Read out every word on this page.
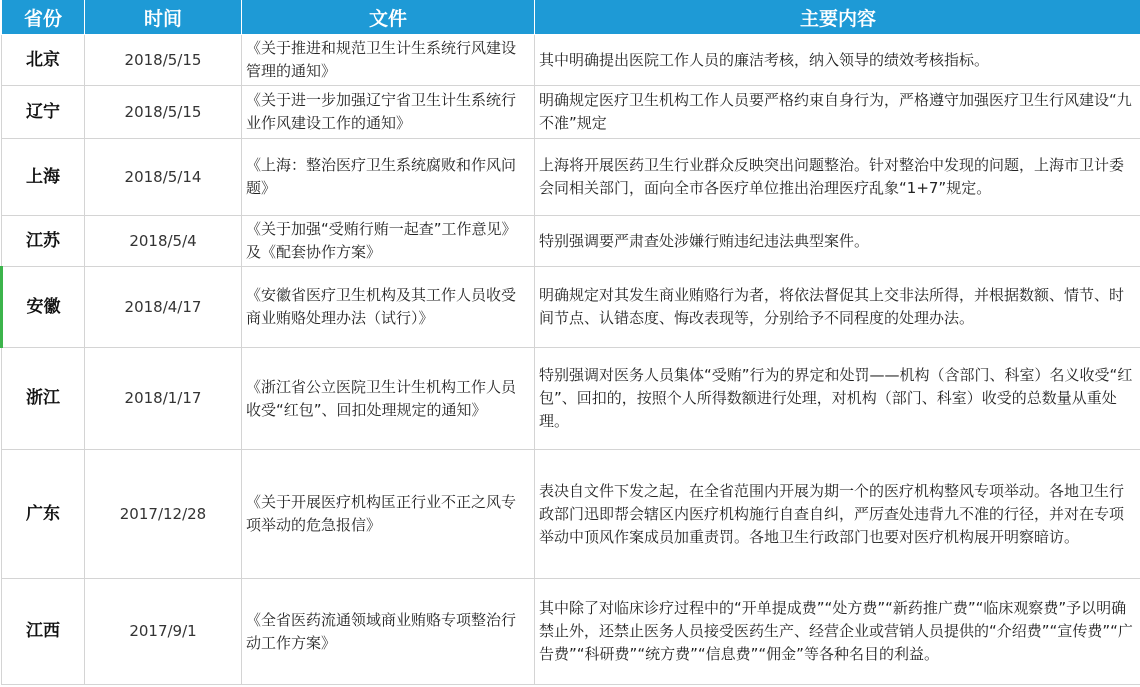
省份	时间	文件	主要内容
北京	2018/5/15	《关于推进和规范卫生计生系统行风建设管理的通知》	其中明确提出医院工作人员的廉洁考核，纳入领导的绩效考核指标。
辽宁	2018/5/15	《关于进一步加强辽宁省卫生计生系统行业作风建设工作的通知》	明确规定医疗卫生机构工作人员要严格约束自身行为，严格遵守加强医疗卫生行风建设“九不准”规定
上海	2018/5/14	《上海：整治医疗卫生系统腐败和作风问题》	上海将开展医药卫生行业群众反映突出问题整治。针对整治中发现的问题，上海市卫计委会同相关部门，面向全市各医疗单位推出治理医疗乱象“1+7”规定。
江苏	2018/5/4	《关于加强“受贿行贿一起查”工作意见》及《配套协作方案》	特别强调要严肃查处涉嫌行贿违纪违法典型案件。
安徽	2018/4/17	《安徽省医疗卫生机构及其工作人员收受商业贿赂处理办法（试行）》	明确规定对其发生商业贿赂行为者，将依法督促其上交非法所得，并根据数额、情节、时间节点、认错态度、悔改表现等，分别给予不同程度的处理办法。
浙江	2018/1/17	《浙江省公立医院卫生计生机构工作人员收受“红包”、回扣处理规定的通知》	特别强调对医务人员集体“受贿”行为的界定和处罚——机构（含部门、科室）名义收受“红包”、回扣的，按照个人所得数额进行处理，对机构（部门、科室）收受的总数量从重处理。
广东	2017/12/28	《关于开展医疗机构匡正行业不正之风专项举动的危急报信》	表决自文件下发之起，在全省范围内开展为期一个的医疗机构整风专项举动。各地卫生行政部门迅即帮会辖区内医疗机构施行自查自纠，严厉查处违背九不准的行径，并对在专项举动中顶风作案成员加重责罚。各地卫生行政部门也要对医疗机构展开明察暗访。
江西	2017/9/1	《全省医药流通领域商业贿赂专项整治行动工作方案》	其中除了对临床诊疗过程中的“开单提成费”“处方费”“新药推广费”“临床观察费”予以明确禁止外，还禁止医务人员接受医药生产、经营企业或营销人员提供的“介绍费”“宣传费”“广告费”“科研费”“统方费”“信息费”“佣金”等各种名目的利益。
